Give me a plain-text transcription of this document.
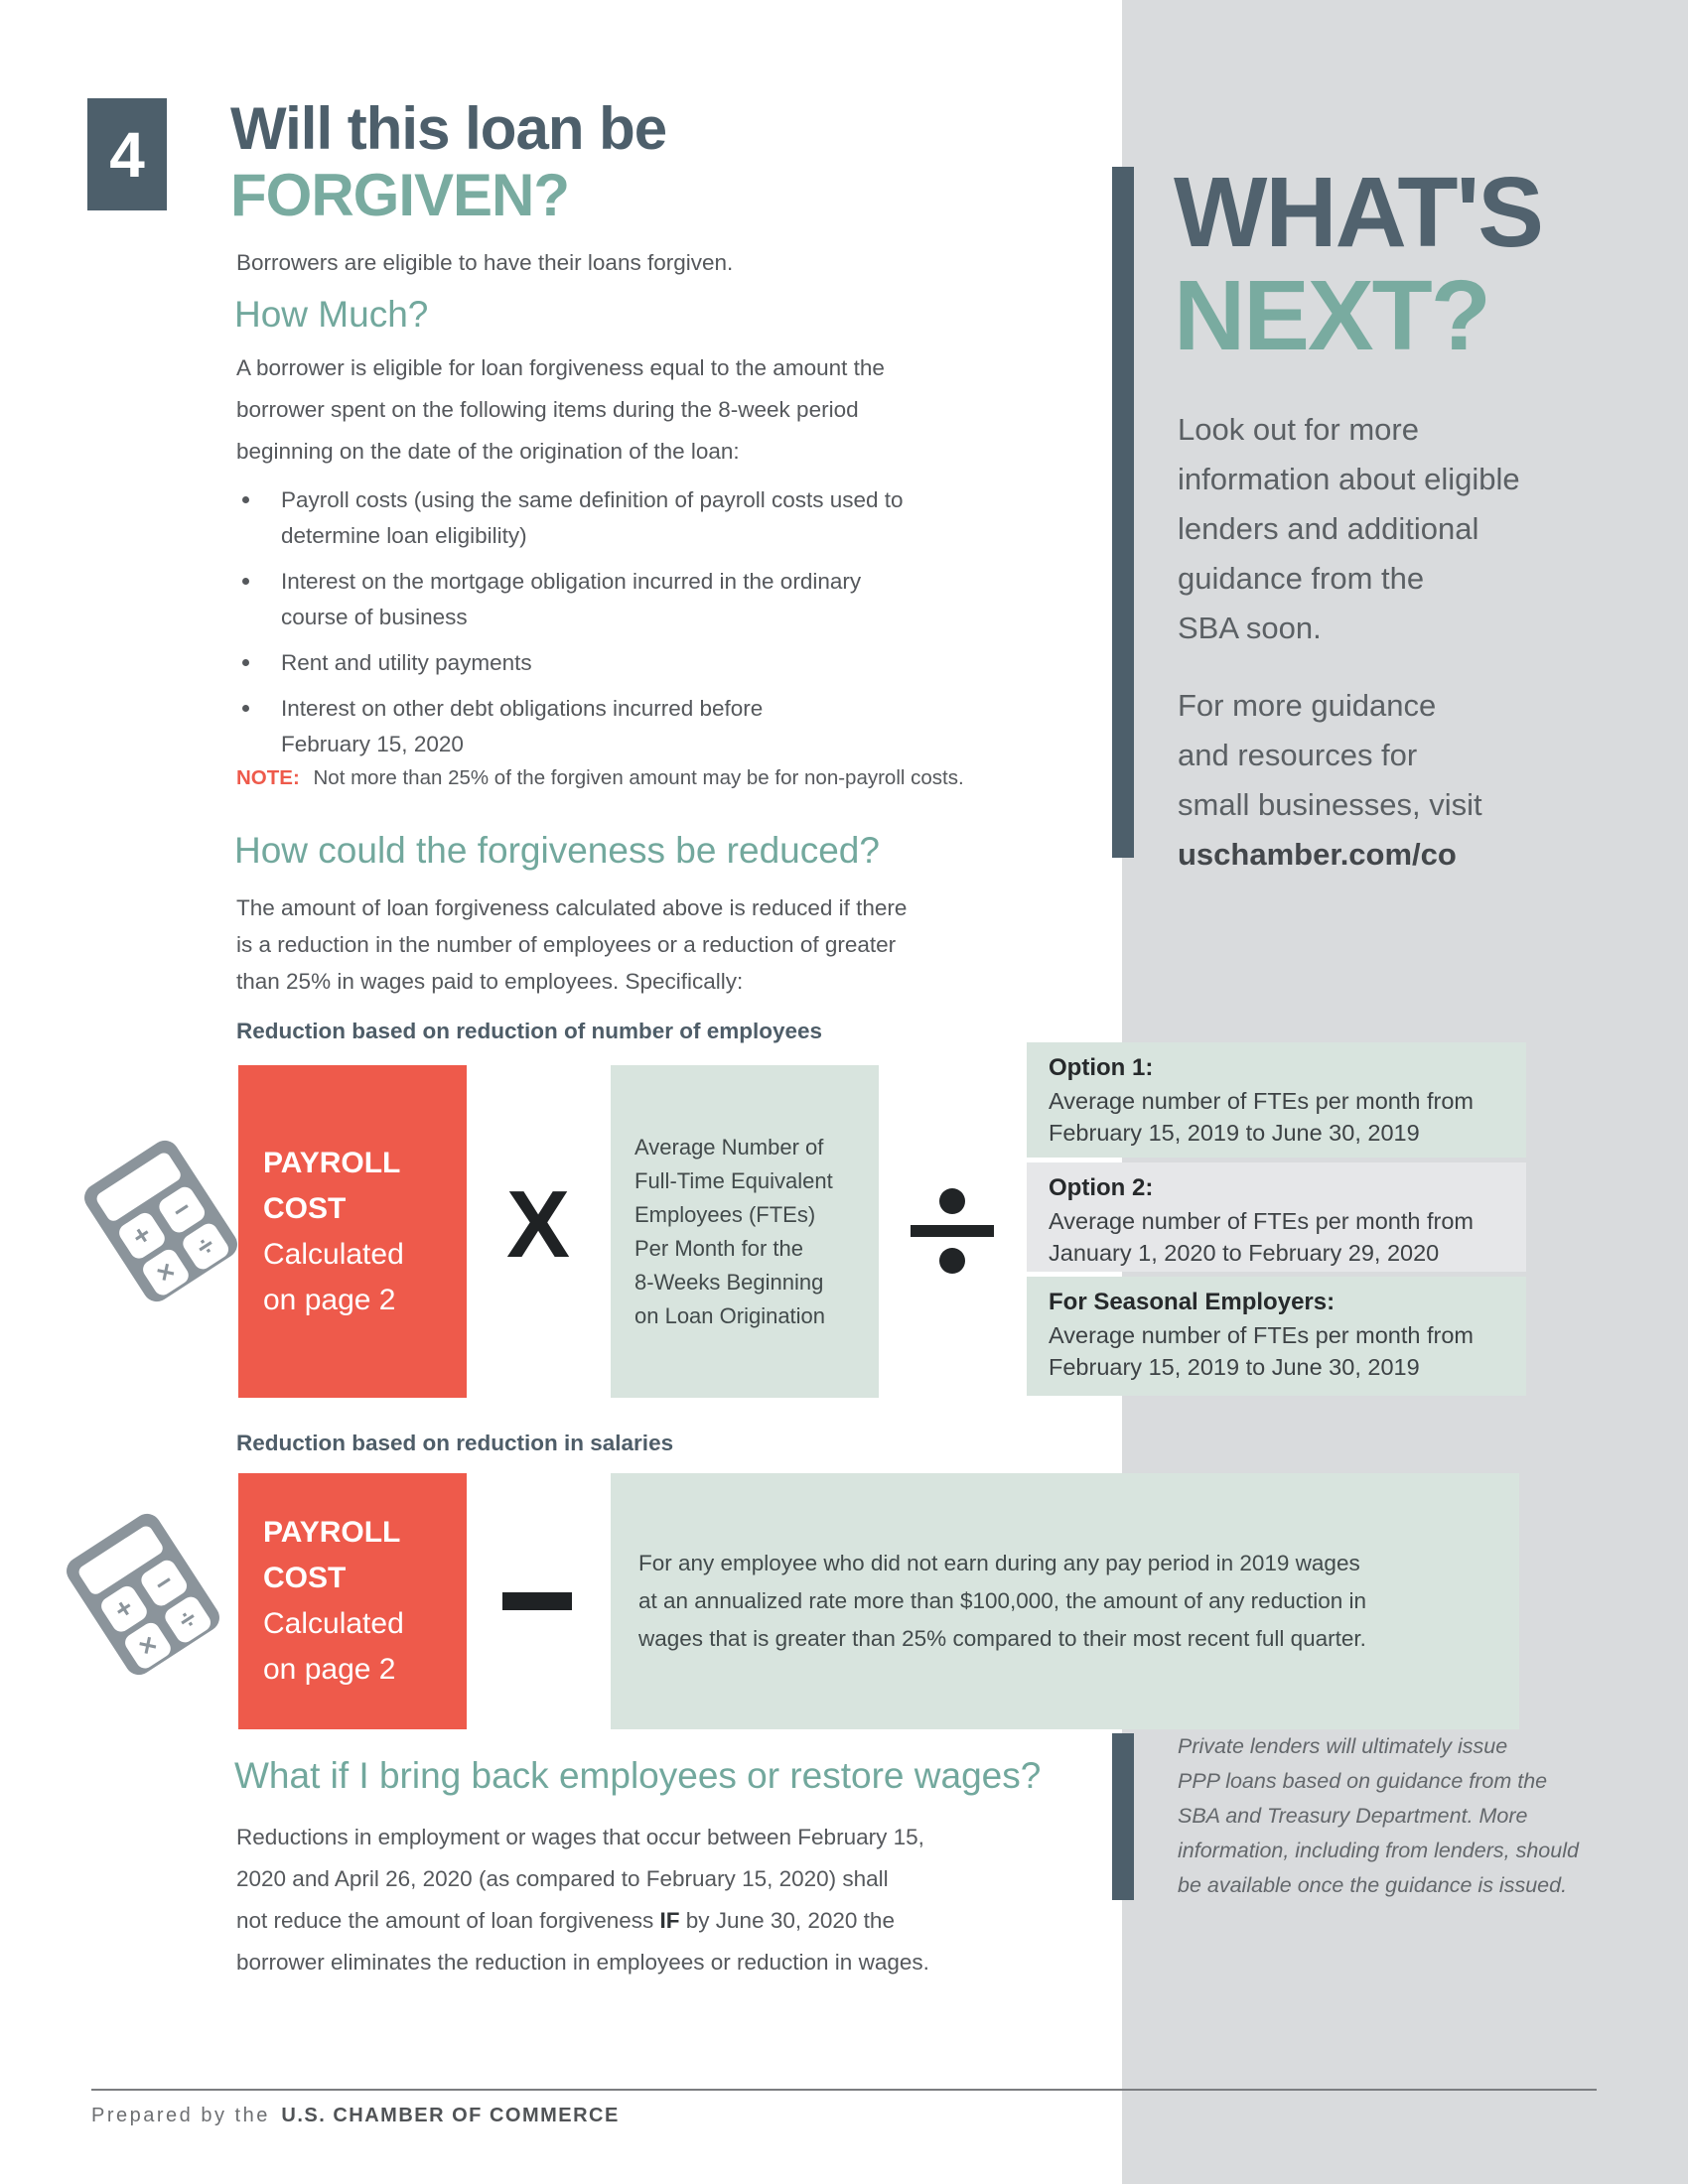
4 Will this loan be
FORGIVEN?
Borrowers are eligible to have their loans forgiven.
How Much?
A borrower is eligible for loan forgiveness equal to the amount the
borrower spent on the following items during the 8-week period
beginning on the date of the origination of the loan:
Payroll costs (using the same definition of payroll costs used to
determine loan eligibility)
Interest on the mortgage obligation incurred in the ordinary
course of business
Rent and utility payments
Interest on other debt obligations incurred before
February 15, 2020
NOTE: Not more than 25% of the forgiven amount may be for non-payroll costs.
How could the forgiveness be reduced?
The amount of loan forgiveness calculated above is reduced if there
is a reduction in the number of employees or a reduction of greater
than 25% in wages paid to employees. Specifically:
Reduction based on reduction of number of employees
+
−
×
÷
PAYROLL
COST
Calculated
on page 2
X
Average Number of
Full-Time Equivalent
Employees (FTEs)
Per Month for the
8-Weeks Beginning
on Loan Origination
Option 1:
Average number of FTEs per month from
February 15, 2019 to June 30, 2019
Option 2:
Average number of FTEs per month from
January 1, 2020 to February 29, 2020
For Seasonal Employers:
Average number of FTEs per month from
February 15, 2019 to June 30, 2019
Reduction based on reduction in salaries
+
−
×
÷
PAYROLL
COST
Calculated
on page 2
For any employee who did not earn during any pay period in 2019 wages
at an annualized rate more than $100,000, the amount of any reduction in
wages that is greater than 25% compared to their most recent full quarter.
What if I bring back employees or restore wages?
Reductions in employment or wages that occur between February 15,
2020 and April 26, 2020 (as compared to February 15, 2020) shall
not reduce the amount of loan forgiveness IF by June 30, 2020 the
borrower eliminates the reduction in employees or reduction in wages.
WHAT'S
NEXT?
Look out for more
information about eligible
lenders and additional
guidance from the
SBA soon.
For more guidance
and resources for
small businesses, visit
uschamber.com/co
Private lenders will ultimately issue
PPP loans based on guidance from the
SBA and Treasury Department. More
information, including from lenders, should
be available once the guidance is issued.
Prepared by the U.S. CHAMBER OF COMMERCE
